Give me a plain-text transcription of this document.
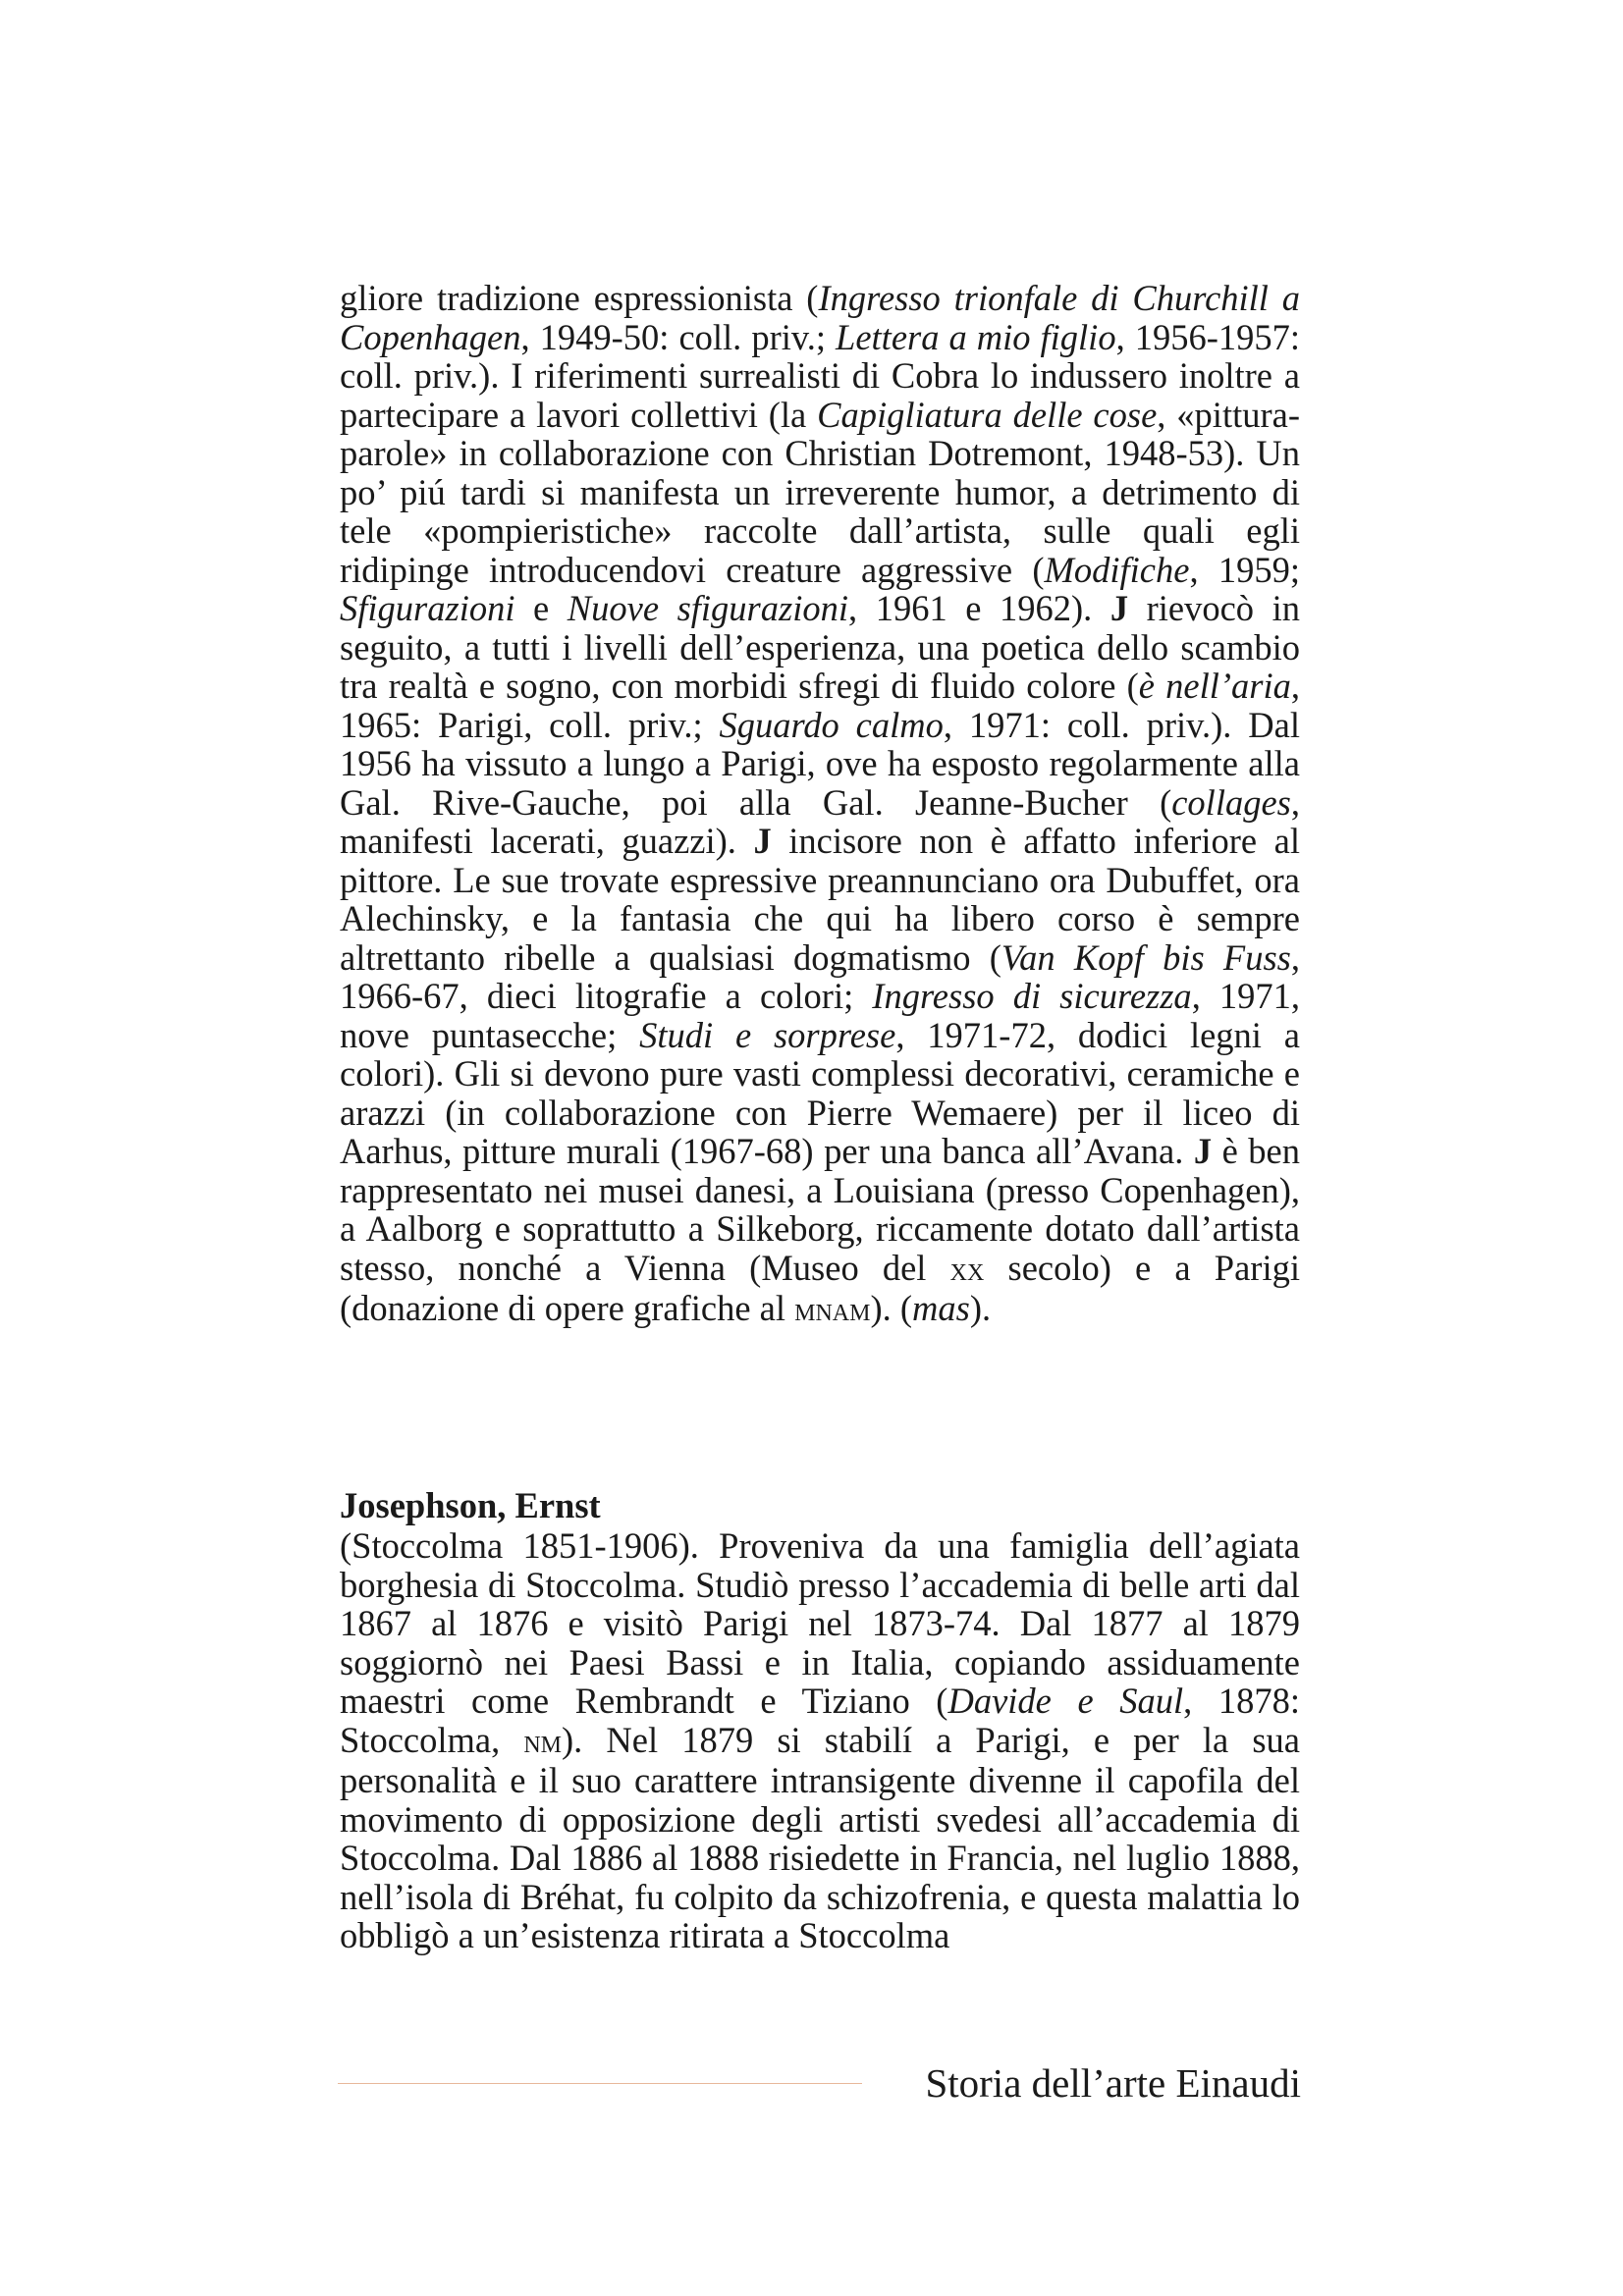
gliore tradizione espressionista (Ingresso trionfale di Churchill a Copenhagen, 1949-50: coll. priv.; Lettera a mio figlio, 1956-1957: coll. priv.). I riferimenti surrealisti di Cobra lo indussero inoltre a partecipare a lavori collettivi (la Capigliatura delle cose, «pittura-parole» in collaborazione con Christian Dotremont, 1948-53). Un po’ piú tardi si manifesta un irreverente humor, a detrimento di tele «pompieristiche» raccolte dall’artista, sulle quali egli ridipinge introducendovi creature aggressive (Modifiche, 1959; Sfigurazioni e Nuove sfigurazioni, 1961 e 1962). J rievocò in seguito, a tutti i livelli dell’esperienza, una poetica dello scambio tra realtà e sogno, con morbidi sfregi di fluido colore (è nell’aria, 1965: Parigi, coll. priv.; Sguardo calmo, 1971: coll. priv.). Dal 1956 ha vissuto a lungo a Parigi, ove ha esposto regolarmente alla Gal. Rive-Gauche, poi alla Gal. Jeanne-Bucher (collages, manifesti lacerati, guazzi). J incisore non è affatto inferiore al pittore. Le sue trovate espressive preannunciano ora Dubuffet, ora Alechinsky, e la fantasia che qui ha libero corso è sempre altrettanto ribelle a qualsiasi dogmatismo (Van Kopf bis Fuss, 1966-67, dieci litografie a colori; Ingresso di sicurezza, 1971, nove puntasecche; Studi e sorprese, 1971-72, dodici legni a colori). Gli si devono pure vasti complessi decorativi, ceramiche e arazzi (in collaborazione con Pierre Wemaere) per il liceo di Aarhus, pitture murali (1967-68) per una banca all’Avana. J è ben rappresentato nei musei danesi, a Louisiana (presso Copenhagen), a Aalborg e soprattutto a Silkeborg, riccamente dotato dall’artista stesso, nonché a Vienna (Museo del xx secolo) e a Parigi (donazione di opere grafiche al mnam). (mas).

Josephson, Ernst

(Stoccolma 1851-1906). Proveniva da una famiglia dell’agiata borghesia di Stoccolma. Studiò presso l’accademia di belle arti dal 1867 al 1876 e visitò Parigi nel 1873-74. Dal 1877 al 1879 soggiornò nei Paesi Bassi e in Italia, copiando assiduamente maestri come Rembrandt e Tiziano (Davide e Saul, 1878: Stoccolma, nm). Nel 1879 si stabilí a Parigi, e per la sua personalità e il suo carattere intransigente divenne il capofila del movimento di opposizione degli artisti svedesi all’accademia di Stoccolma. Dal 1886 al 1888 risiedette in Francia, nel luglio 1888, nell’isola di Bréhat, fu colpito da schizofrenia, e questa malattia lo obbligò a un’esistenza ritirata a Stoccolma

Storia dell’arte Einaudi
